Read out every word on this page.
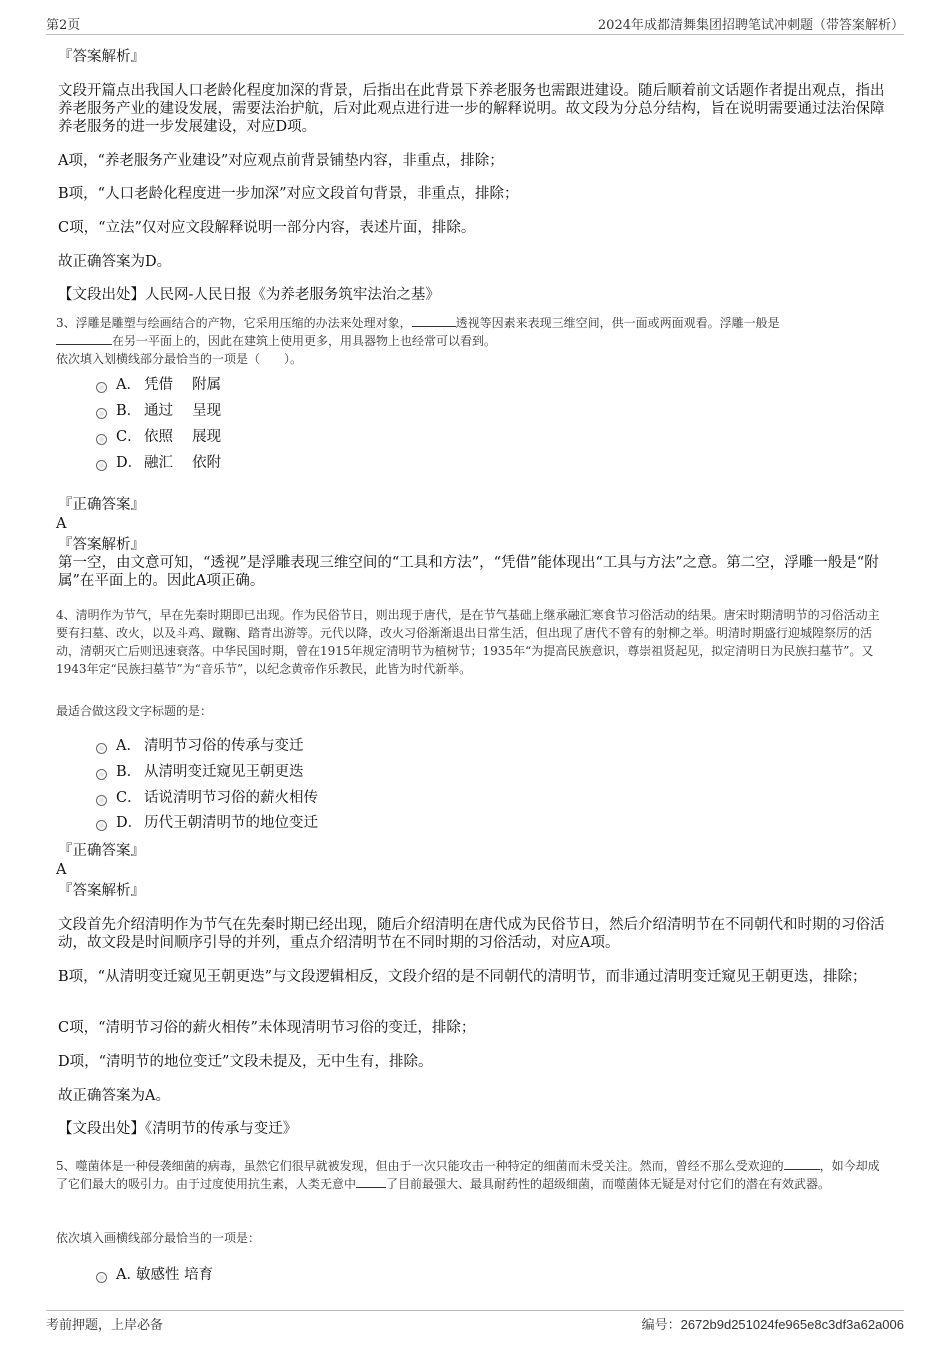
第2页	2024年成都清舞集团招聘笔试冲刺题（带答案解析）
『答案解析』
文段开篇点出我国人口老龄化程度加深的背景，后指出在此背景下养老服务也需跟进建设。随后顺着前文话题作者提出观点，指出养老服务产业的建设发展，需要法治护航，后对此观点进行进一步的解释说明。故文段为分总分结构，旨在说明需要通过法治保障养老服务的进一步发展建设，对应D项。
A项，“养老服务产业建设”对应观点前背景铺垫内容，非重点，排除；
B项，“人口老龄化程度进一步加深”对应文段首句背景，非重点，排除；
C项，“立法”仅对应文段解释说明一部分内容，表述片面，排除。
故正确答案为D。
【文段出处】人民网-人民日报《为养老服务筑牢法治之基》
3、浮雕是雕塑与绘画结合的产物，它采用压缩的办法来处理对象，	透视等因素来表现三维空间，供一面或两面观看。浮雕一般是
在另一平面上的，因此在建筑上使用更多，用具器物上也经常可以看到。
依次填入划横线部分最恰当的一项是（　　）。
A． 凭借　 附属
B． 通过　 呈现
C． 依照　 展现
D． 融汇　 依附
『正确答案』
A
『答案解析』
第一空，由文意可知，“透视”是浮雕表现三维空间的“工具和方法”，“凭借”能体现出“工具与方法”之意。第二空，浮雕一般是“附属”在平面上的。因此A项正确。
4、清明作为节气，早在先秦时期即已出现。作为民俗节日，则出现于唐代，是在节气基础上继承融汇寒食节习俗活动的结果。唐宋时期清明节的习俗活动主要有扫墓、改火，以及斗鸡、蹴鞠、踏青出游等。元代以降，改火习俗渐渐退出日常生活，但出现了唐代不曾有的射柳之举。明清时期盛行迎城隍祭厉的活动，清朝灭亡后则迅速衰落。中华民国时期，曾在1915年规定清明节为植树节；1935年“为提高民族意识，尊崇祖贤起见，拟定清明日为民族扫墓节”。又1943年定“民族扫墓节”为“音乐节”，以纪念黄帝作乐教民，此皆为时代新举。
最适合做这段文字标题的是：
A． 清明节习俗的传承与变迁
B． 从清明变迁窥见王朝更迭
C． 话说清明节习俗的薪火相传
D． 历代王朝清明节的地位变迁
『正确答案』
A
『答案解析』
文段首先介绍清明作为节气在先秦时期已经出现，随后介绍清明在唐代成为民俗节日，然后介绍清明节在不同朝代和时期的习俗活动，故文段是时间顺序引导的并列，重点介绍清明节在不同时期的习俗活动，对应A项。
B项，“从清明变迁窥见王朝更迭”与文段逻辑相反，文段介绍的是不同朝代的清明节，而非通过清明变迁窥见王朝更迭，排除；
C项，“清明节习俗的薪火相传”未体现清明节习俗的变迁，排除；
D项，“清明节的地位变迁”文段未提及，无中生有，排除。
故正确答案为A。
【文段出处】《清明节的传承与变迁》
5、噬菌体是一种侵袭细菌的病毒，虽然它们很早就被发现，但由于一次只能攻击一种特定的细菌而未受关注。然而，曾经不那么受欢迎的	，如今却成了它们最大的吸引力。由于过度使用抗生素，人类无意中	了目前最强大、最具耐药性的超级细菌，而噬菌体无疑是对付它们的潜在有效武器。
依次填入画横线部分最恰当的一项是：
A．敏感性 培育
考前押题，上岸必备	编号：2672b9d251024fe965e8c3df3a62a006
